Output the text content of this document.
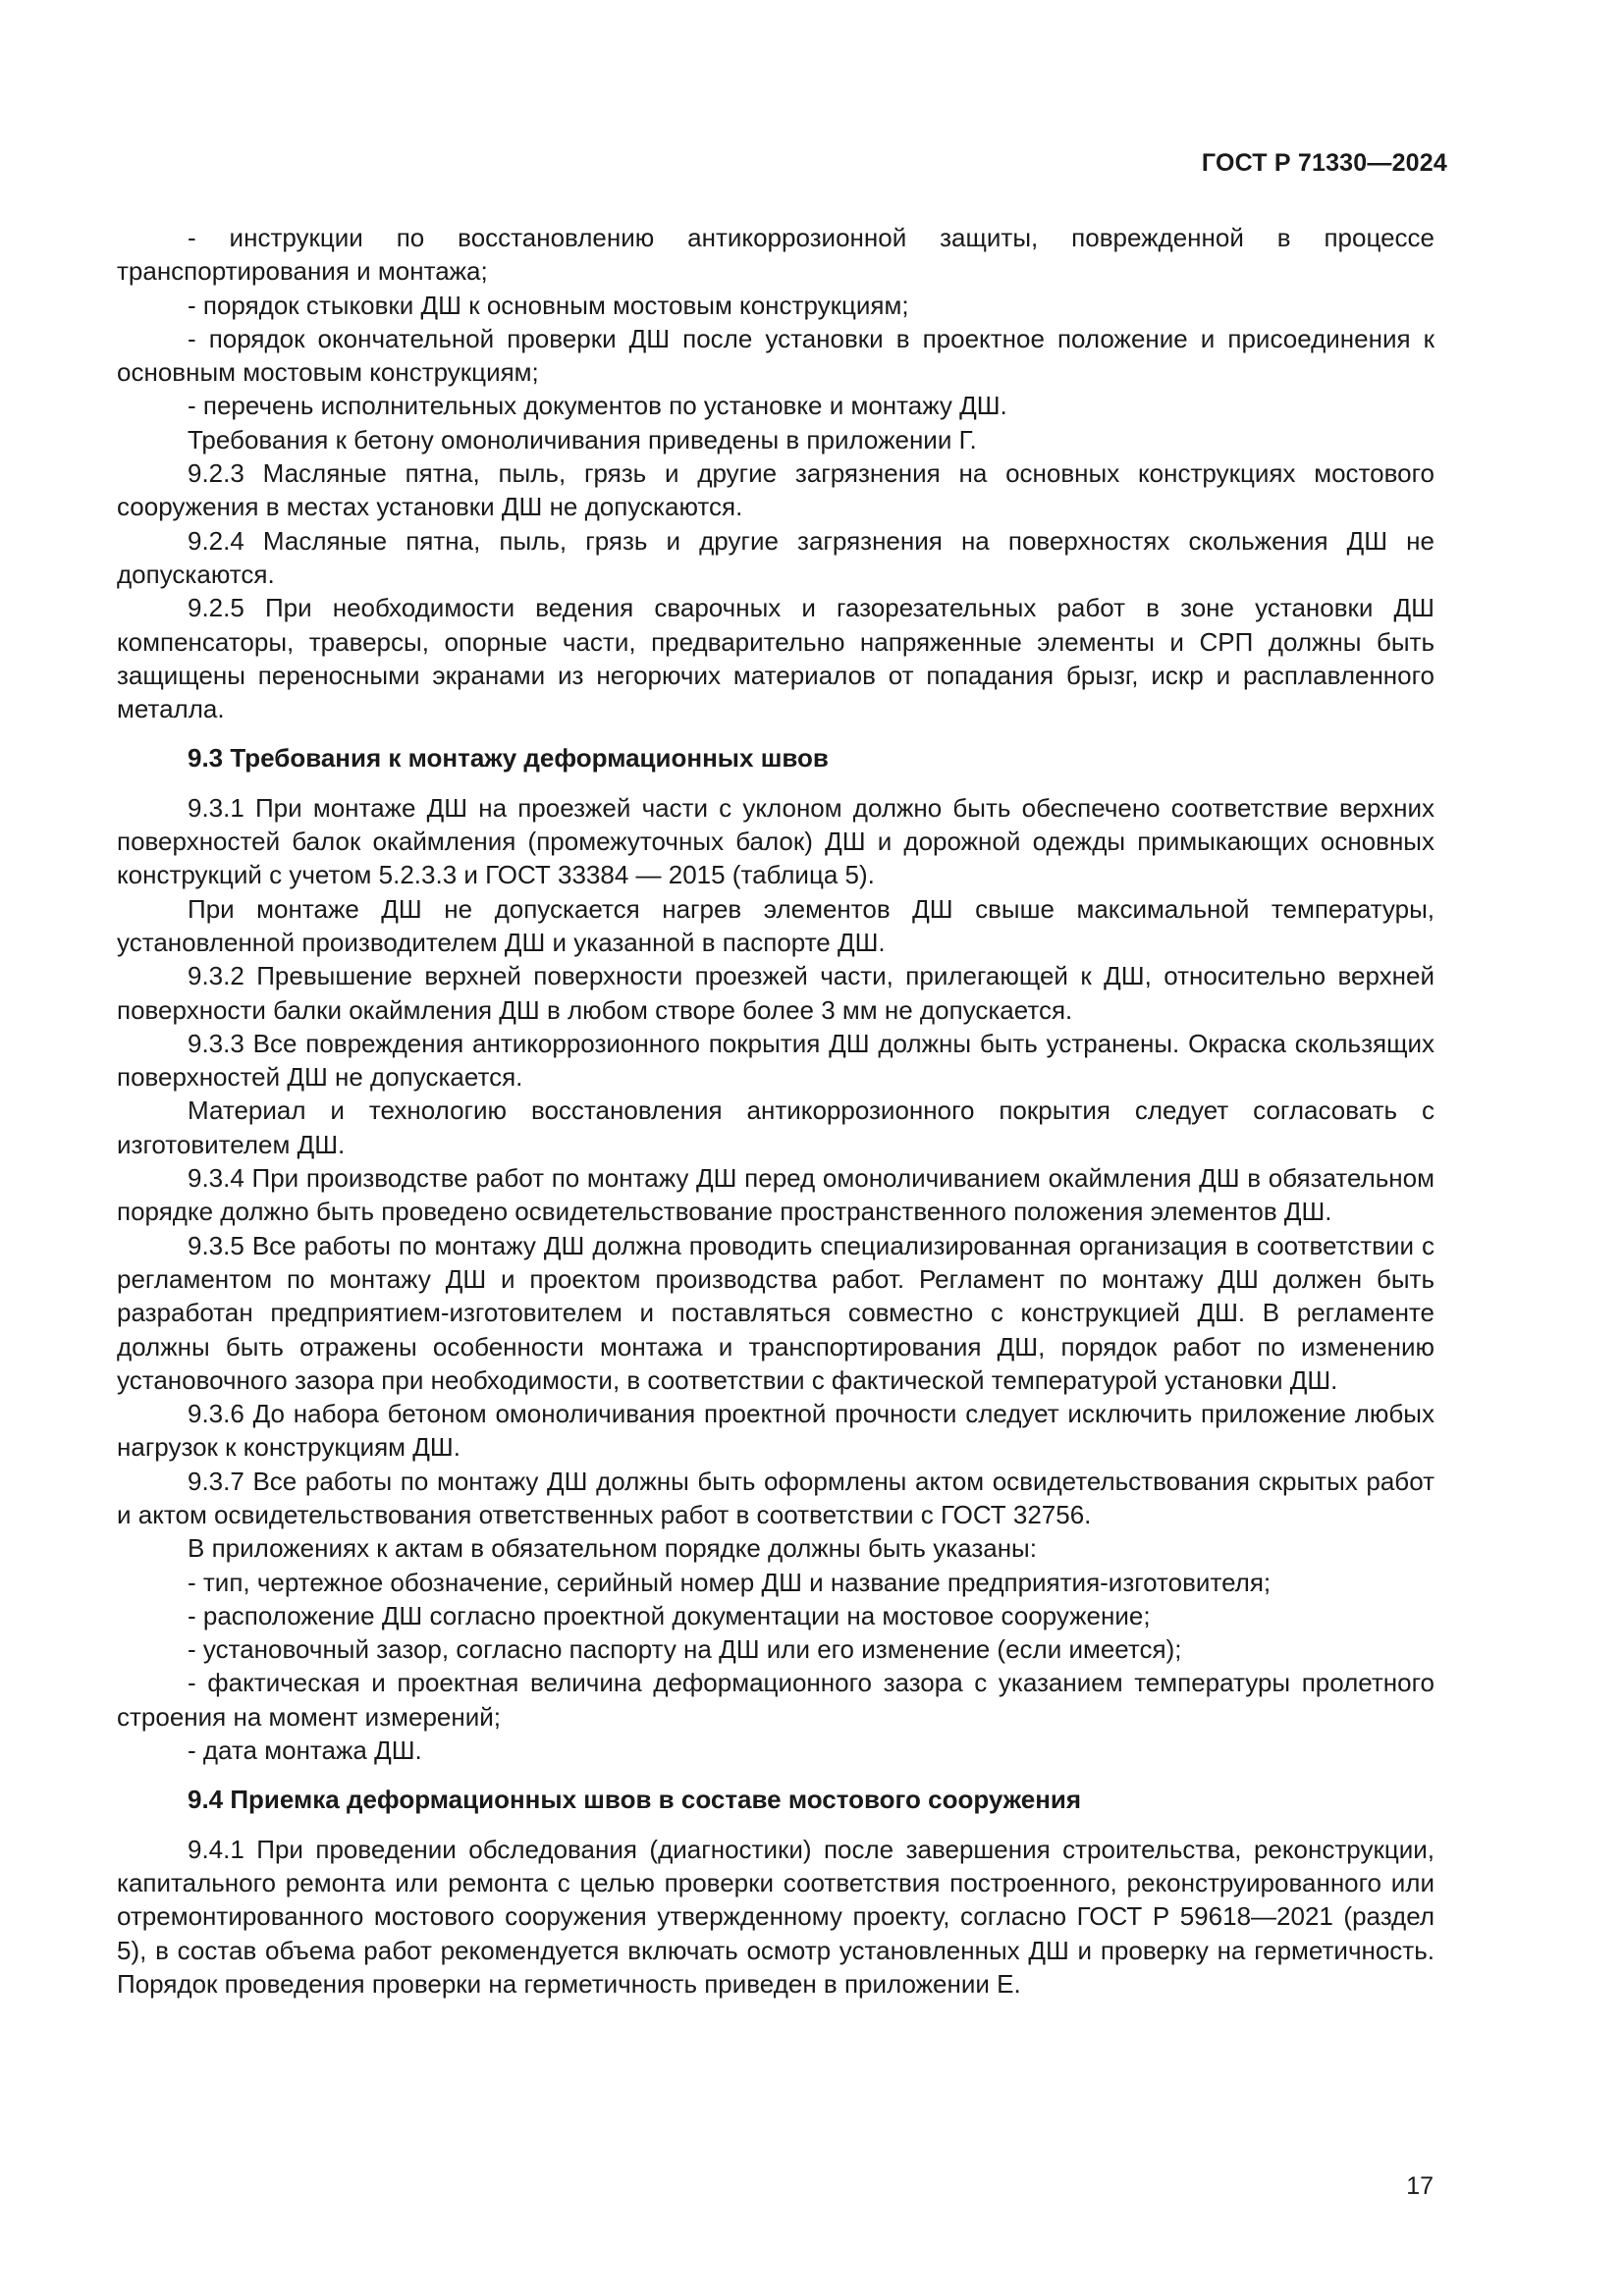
ГОСТ Р 71330—2024

- инструкции по восстановлению антикоррозионной защиты, поврежденной в процессе транспортирования и монтажа;

- порядок стыковки ДШ к основным мостовым конструкциям;

- порядок окончательной проверки ДШ после установки в проектное положение и присоединения к основным мостовым конструкциям;

- перечень исполнительных документов по установке и монтажу ДШ.

Требования к бетону омоноличивания приведены в приложении Г.

9.2.3 Масляные пятна, пыль, грязь и другие загрязнения на основных конструкциях мостового сооружения в местах установки ДШ не допускаются.

9.2.4 Масляные пятна, пыль, грязь и другие загрязнения на поверхностях скольжения ДШ не допускаются.

9.2.5 При необходимости ведения сварочных и газорезательных работ в зоне установки ДШ компенсаторы, траверсы, опорные части, предварительно напряженные элементы и СРП должны быть защищены переносными экранами из негорючих материалов от попадания брызг, искр и расплавленного металла.

9.3 Требования к монтажу деформационных швов

9.3.1 При монтаже ДШ на проезжей части с уклоном должно быть обеспечено соответствие верхних поверхностей балок окаймления (промежуточных балок) ДШ и дорожной одежды примыкающих основных конструкций с учетом 5.2.3.3 и ГОСТ 33384 — 2015 (таблица 5).

При монтаже ДШ не допускается нагрев элементов ДШ свыше максимальной температуры, установленной производителем ДШ и указанной в паспорте ДШ.

9.3.2 Превышение верхней поверхности проезжей части, прилегающей к ДШ, относительно верхней поверхности балки окаймления ДШ в любом створе более 3 мм не допускается.

9.3.3 Все повреждения антикоррозионного покрытия ДШ должны быть устранены. Окраска скользящих поверхностей ДШ не допускается.

Материал и технологию восстановления антикоррозионного покрытия следует согласовать с изготовителем ДШ.

9.3.4 При производстве работ по монтажу ДШ перед омоноличиванием окаймления ДШ в обязательном порядке должно быть проведено освидетельствование пространственного положения элементов ДШ.

9.3.5 Все работы по монтажу ДШ должна проводить специализированная организация в соответствии с регламентом по монтажу ДШ и проектом производства работ. Регламент по монтажу ДШ должен быть разработан предприятием-изготовителем и поставляться совместно с конструкцией ДШ. В регламенте должны быть отражены особенности монтажа и транспортирования ДШ, порядок работ по изменению установочного зазора при необходимости, в соответствии с фактической температурой установки ДШ.

9.3.6 До набора бетоном омоноличивания проектной прочности следует исключить приложение любых нагрузок к конструкциям ДШ.

9.3.7 Все работы по монтажу ДШ должны быть оформлены актом освидетельствования скрытых работ и актом освидетельствования ответственных работ в соответствии с ГОСТ 32756.

В приложениях к актам в обязательном порядке должны быть указаны:

- тип, чертежное обозначение, серийный номер ДШ и название предприятия-изготовителя;

- расположение ДШ согласно проектной документации на мостовое сооружение;

- установочный зазор, согласно паспорту на ДШ или его изменение (если имеется);

- фактическая и проектная величина деформационного зазора с указанием температуры пролетного строения на момент измерений;

- дата монтажа ДШ.

9.4 Приемка деформационных швов в составе мостового сооружения

9.4.1 При проведении обследования (диагностики) после завершения строительства, реконструкции, капитального ремонта или ремонта с целью проверки соответствия построенного, реконструированного или отремонтированного мостового сооружения утвержденному проекту, согласно ГОСТ Р 59618—2021 (раздел 5), в состав объема работ рекомендуется включать осмотр установленных ДШ и проверку на герметичность. Порядок проведения проверки на герметичность приведен в приложении Е.

17
